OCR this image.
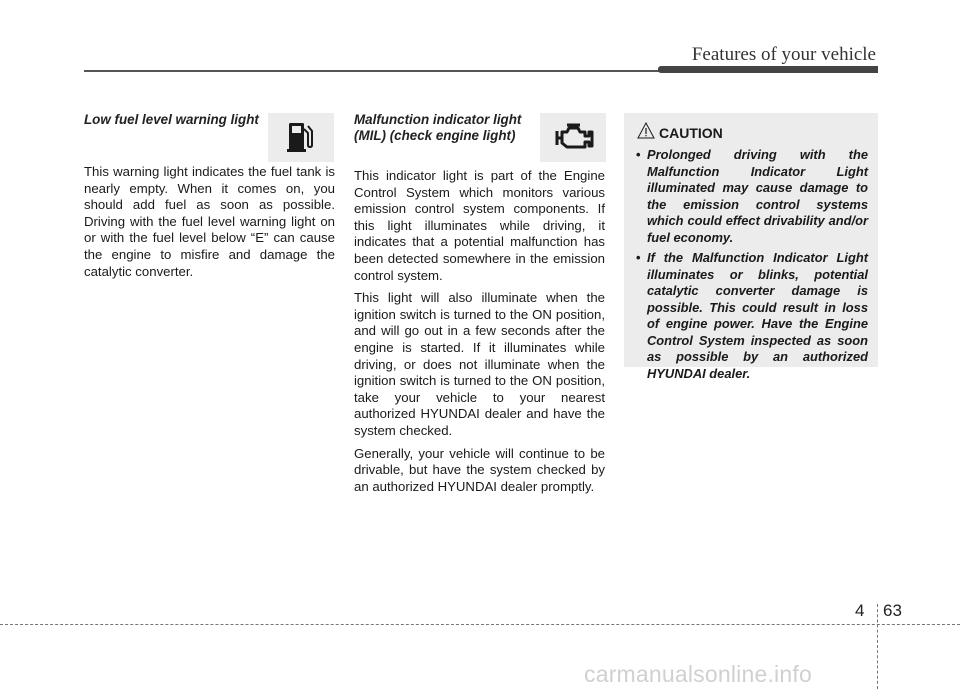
Features of your vehicle
Low fuel level warning light

This warning light indicates the fuel tank is nearly empty. When it comes on, you should add fuel as soon as possible. Driving with the fuel level warning light on or with the fuel level below “E” can cause the engine to misfire and damage the catalytic converter.

Malfunction indicator light
(MIL) (check engine light)

This indicator light is part of the Engine Control System which monitors various emission control system components. If this light illuminates while driving, it indicates that a potential malfunction has been detected somewhere in the emission control system.

This light will also illuminate when the ignition switch is turned to the ON position, and will go out in a few seconds after the engine is started. If it illuminates while driving, or does not illuminate when the ignition switch is turned to the ON position, take your vehicle to your nearest authorized HYUNDAI dealer and have the system checked.

Generally, your vehicle will continue to be drivable, but have the system checked by an authorized HYUNDAI dealer promptly.

CAUTION
• Prolonged driving with the Malfunction Indicator Light illuminated may cause damage to the emission control systems which could effect drivability and/or fuel economy.
• If the Malfunction Indicator Light illuminates or blinks, potential catalytic converter damage is possible. This could result in loss of engine power. Have the Engine Control System inspected as soon as possible by an authorized HYUNDAI dealer.
4 63
carmanualsonline.info
